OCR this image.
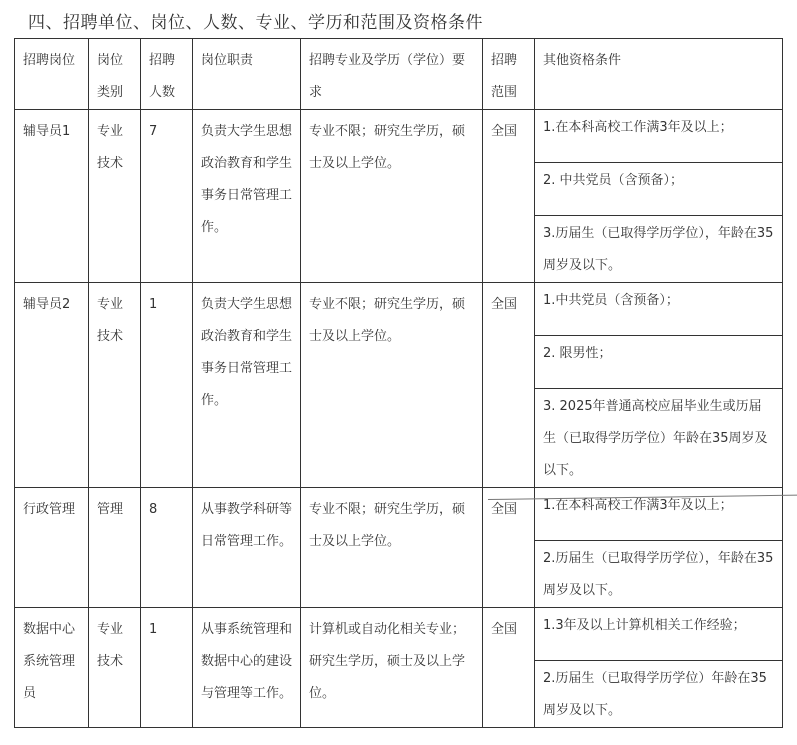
四、招聘单位、岗位、人数、专业、学历和范围及资格条件
招聘岗位	岗位类别	招聘人数	岗位职责	招聘专业及学历（学位）要求	招聘范围	其他资格条件
辅导员1	专业技术	7	负责大学生思想政治教育和学生事务日常管理工作。	专业不限；研究生学历，硕士及以上学位。	全国	1.在本科高校工作满3年及以上；
						2. 中共党员（含预备）；
						3.历届生（已取得学历学位），年龄在35周岁及以下。
辅导员2	专业技术	1	负责大学生思想政治教育和学生事务日常管理工作。	专业不限；研究生学历，硕士及以上学位。	全国	1.中共党员（含预备）；
						2. 限男性；
						3. 2025年普通高校应届毕业生或历届生（已取得学历学位）年龄在35周岁及以下。
行政管理	管理	8	从事教学科研等日常管理工作。	专业不限；研究生学历，硕士及以上学位。	全国	1.在本科高校工作满3年及以上；
						2.历届生（已取得学历学位），年龄在35周岁及以下。
数据中心系统管理员	专业技术	1	从事系统管理和数据中心的建设与管理等工作。	计算机或自动化相关专业；研究生学历，硕士及以上学位。	全国	1.3年及以上计算机相关工作经验；
						2.历届生（已取得学历学位）年龄在35周岁及以下。
